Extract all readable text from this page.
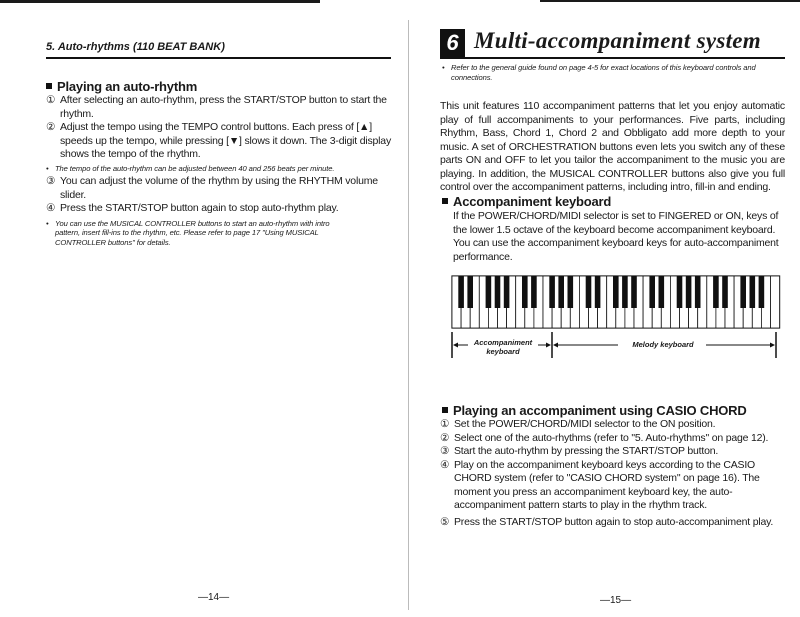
5. Auto-rhythms (110 BEAT BANK)
Playing an auto-rhythm
① After selecting an auto-rhythm, press the START/STOP button to start the rhythm.
② Adjust the tempo using the TEMPO control buttons. Each press of [▲] speeds up the tempo, while pressing [▼] slows it down. The 3-digit display shows the tempo of the rhythm.
• The tempo of the auto-rhythm can be adjusted between 40 and 256 beats per minute.
③ You can adjust the volume of the rhythm by using the RHYTHM volume slider.
④ Press the START/STOP button again to stop auto-rhythm play.
• You can use the MUSICAL CONTROLLER buttons to start an auto-rhythm with intro pattern, insert fill-ins to the rhythm, etc. Please refer to page 17 "Using MUSICAL CONTROLLER buttons" for details.
—14—
6 Multi-accompaniment system
• Refer to the general guide found on page 4-5 for exact locations of this keyboard controls and connections.
This unit features 110 accompaniment patterns that let you enjoy automatic play of full accompaniments to your performances. Five parts, including Rhythm, Bass, Chord 1, Chord 2 and Obbligato add more depth to your music. A set of ORCHESTRATION buttons even lets you switch any of these parts ON and OFF to let you tailor the accompaniment to the music you are playing. In addition, the MUSICAL CONTROLLER buttons also give you full control over the accompaniment patterns, including intro, fill-in and ending.
Accompaniment keyboard
If the POWER/CHORD/MIDI selector is set to FINGERED or ON, keys of the lower 1.5 octave of the keyboard become accompaniment keyboard. You can use the accompaniment keyboard keys for auto-accompaniment performance.
Accompaniment keyboard
Melody keyboard
Playing an accompaniment using CASIO CHORD
① Set the POWER/CHORD/MIDI selector to the ON position.
② Select one of the auto-rhythms (refer to "5. Auto-rhythms" on page 12).
③ Start the auto-rhythm by pressing the START/STOP button.
④ Play on the accompaniment keyboard keys according to the CASIO CHORD system (refer to "CASIO CHORD system" on page 16). The moment you press an accompaniment keyboard key, the auto-accompaniment pattern starts to play in the rhythm track.
⑤ Press the START/STOP button again to stop auto-accompaniment play.
—15—
